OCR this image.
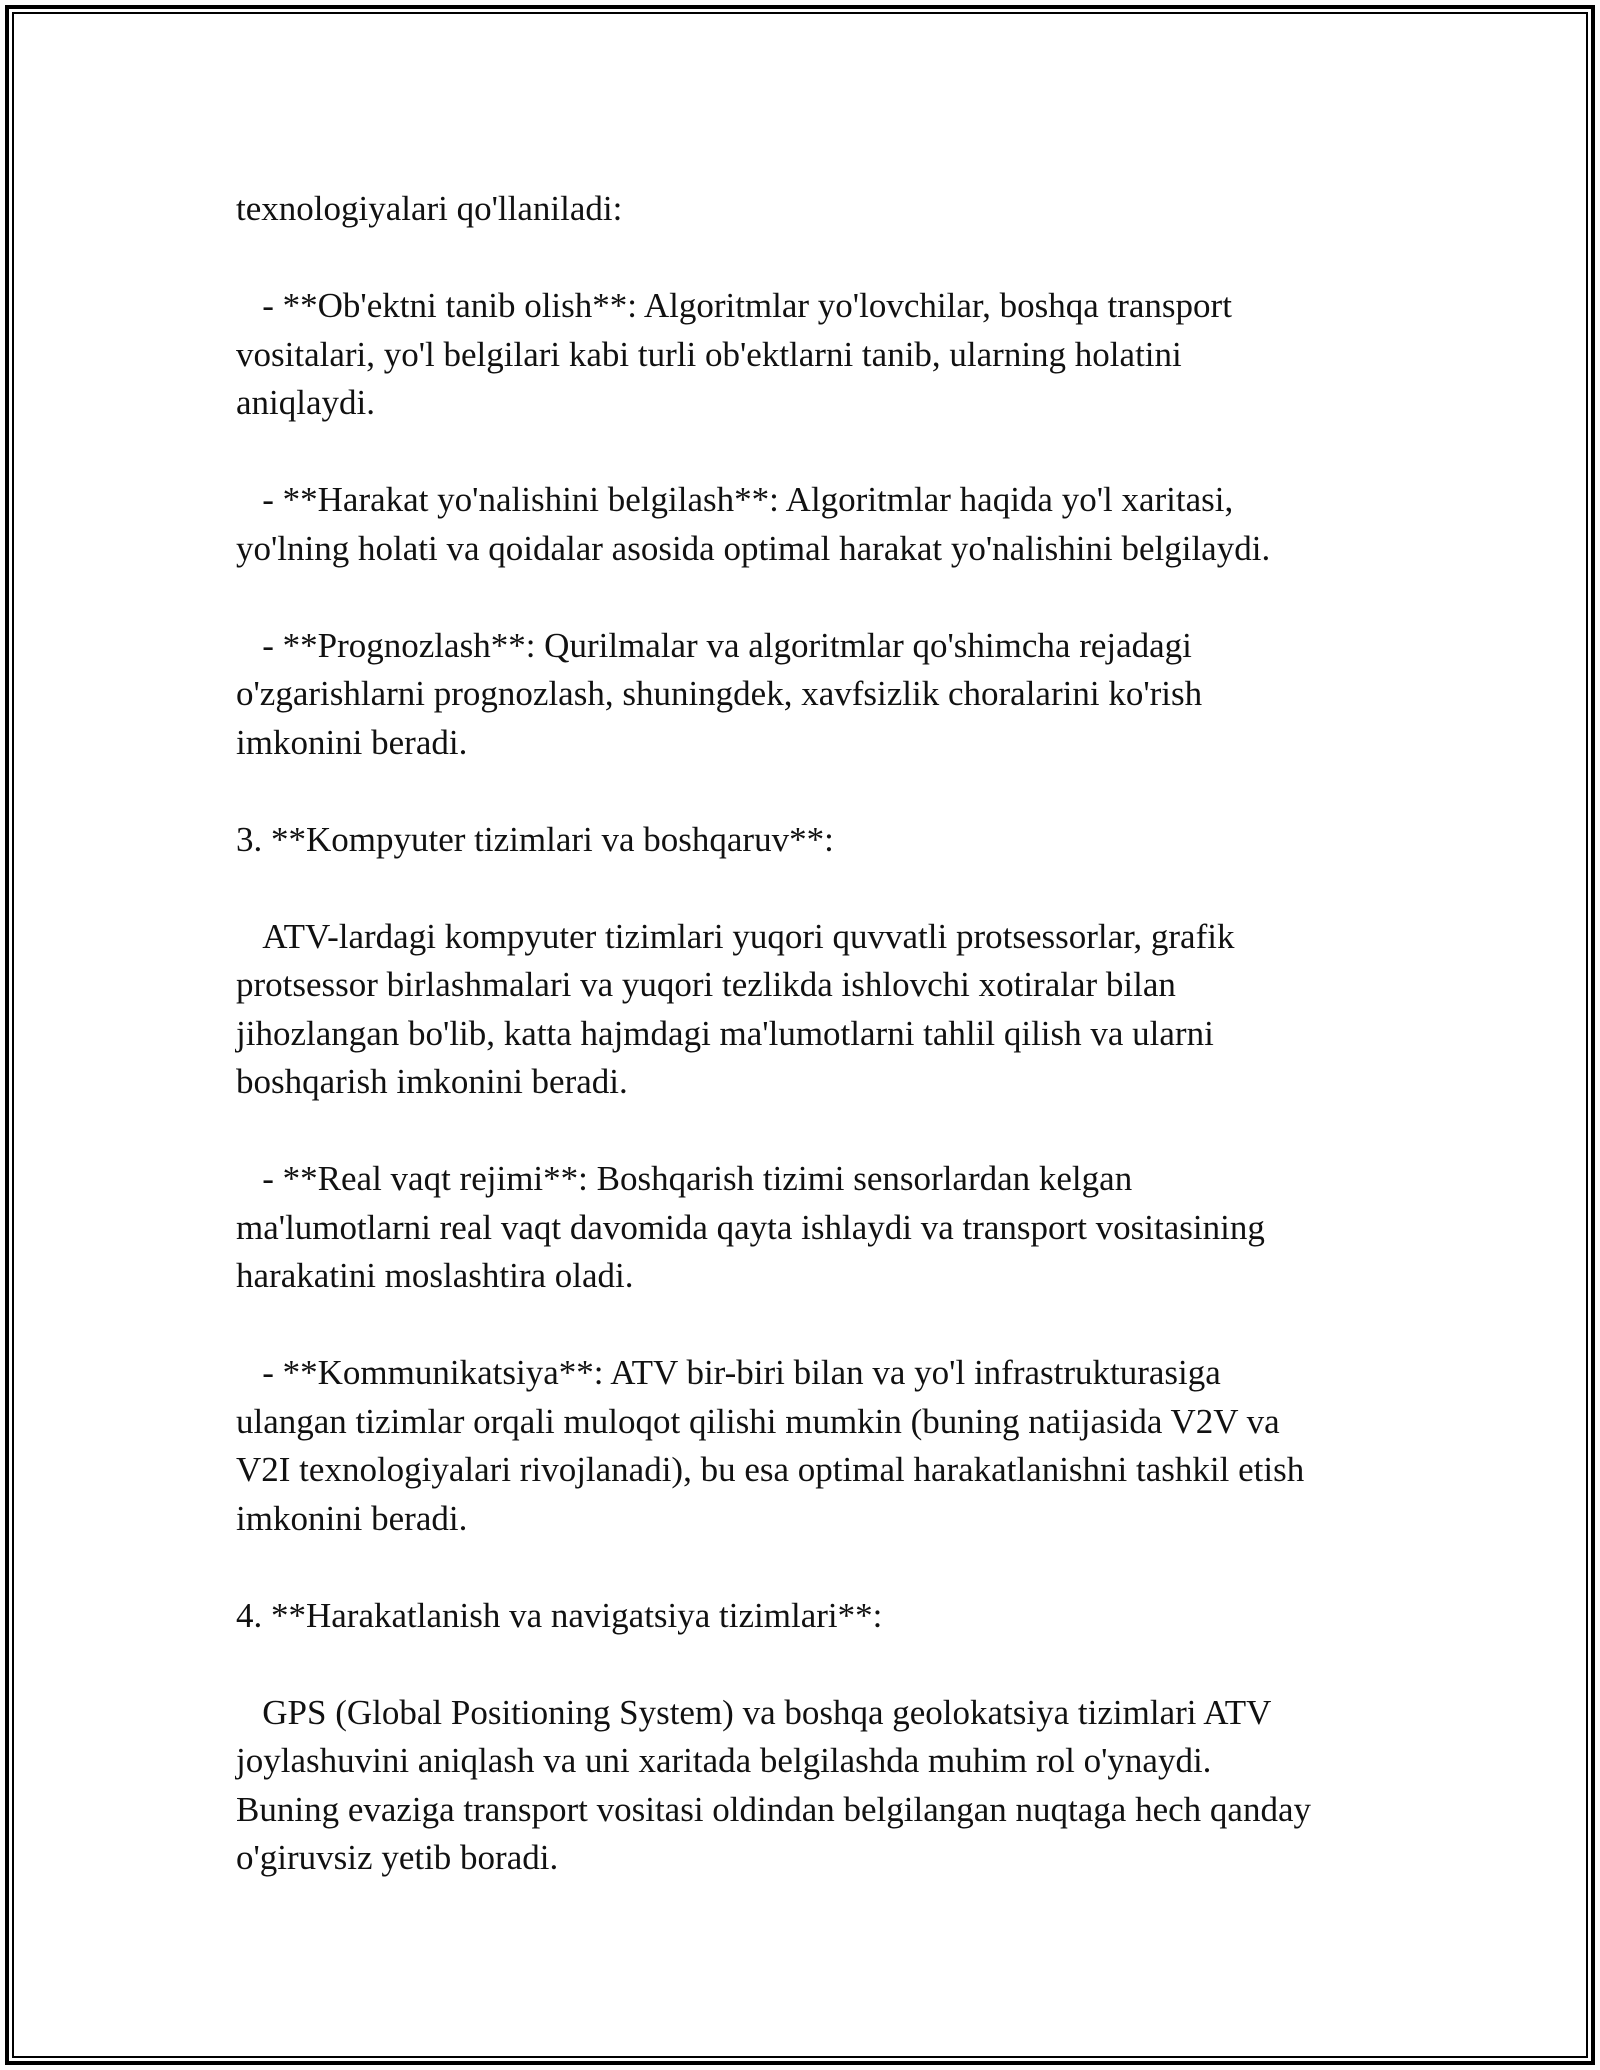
texnologiyalari qo'llaniladi:

- **Ob'ektni tanib olish**: Algoritmlar yo'lovchilar, boshqa transport
vositalari, yo'l belgilari kabi turli ob'ektlarni tanib, ularning holatini
aniqlaydi.

- **Harakat yo'nalishini belgilash**: Algoritmlar haqida yo'l xaritasi,
yo'lning holati va qoidalar asosida optimal harakat yo'nalishini belgilaydi.

- **Prognozlash**: Qurilmalar va algoritmlar qo'shimcha rejadagi
o'zgarishlarni prognozlash, shuningdek, xavfsizlik choralarini ko'rish
imkonini beradi.

3. **Kompyuter tizimlari va boshqaruv**:

ATV-lardagi kompyuter tizimlari yuqori quvvatli protsessorlar, grafik
protsessor birlashmalari va yuqori tezlikda ishlovchi xotiralar bilan
jihozlangan bo'lib, katta hajmdagi ma'lumotlarni tahlil qilish va ularni
boshqarish imkonini beradi.

- **Real vaqt rejimi**: Boshqarish tizimi sensorlardan kelgan
ma'lumotlarni real vaqt davomida qayta ishlaydi va transport vositasining
harakatini moslashtira oladi.

- **Kommunikatsiya**: ATV bir-biri bilan va yo'l infrastrukturasiga
ulangan tizimlar orqali muloqot qilishi mumkin (buning natijasida V2V va
V2I texnologiyalari rivojlanadi), bu esa optimal harakatlanishni tashkil etish
imkonini beradi.

4. **Harakatlanish va navigatsiya tizimlari**:

GPS (Global Positioning System) va boshqa geolokatsiya tizimlari ATV
joylashuvini aniqlash va uni xaritada belgilashda muhim rol o'ynaydi.
Buning evaziga transport vositasi oldindan belgilangan nuqtaga hech qanday
o'giruvsiz yetib boradi.
